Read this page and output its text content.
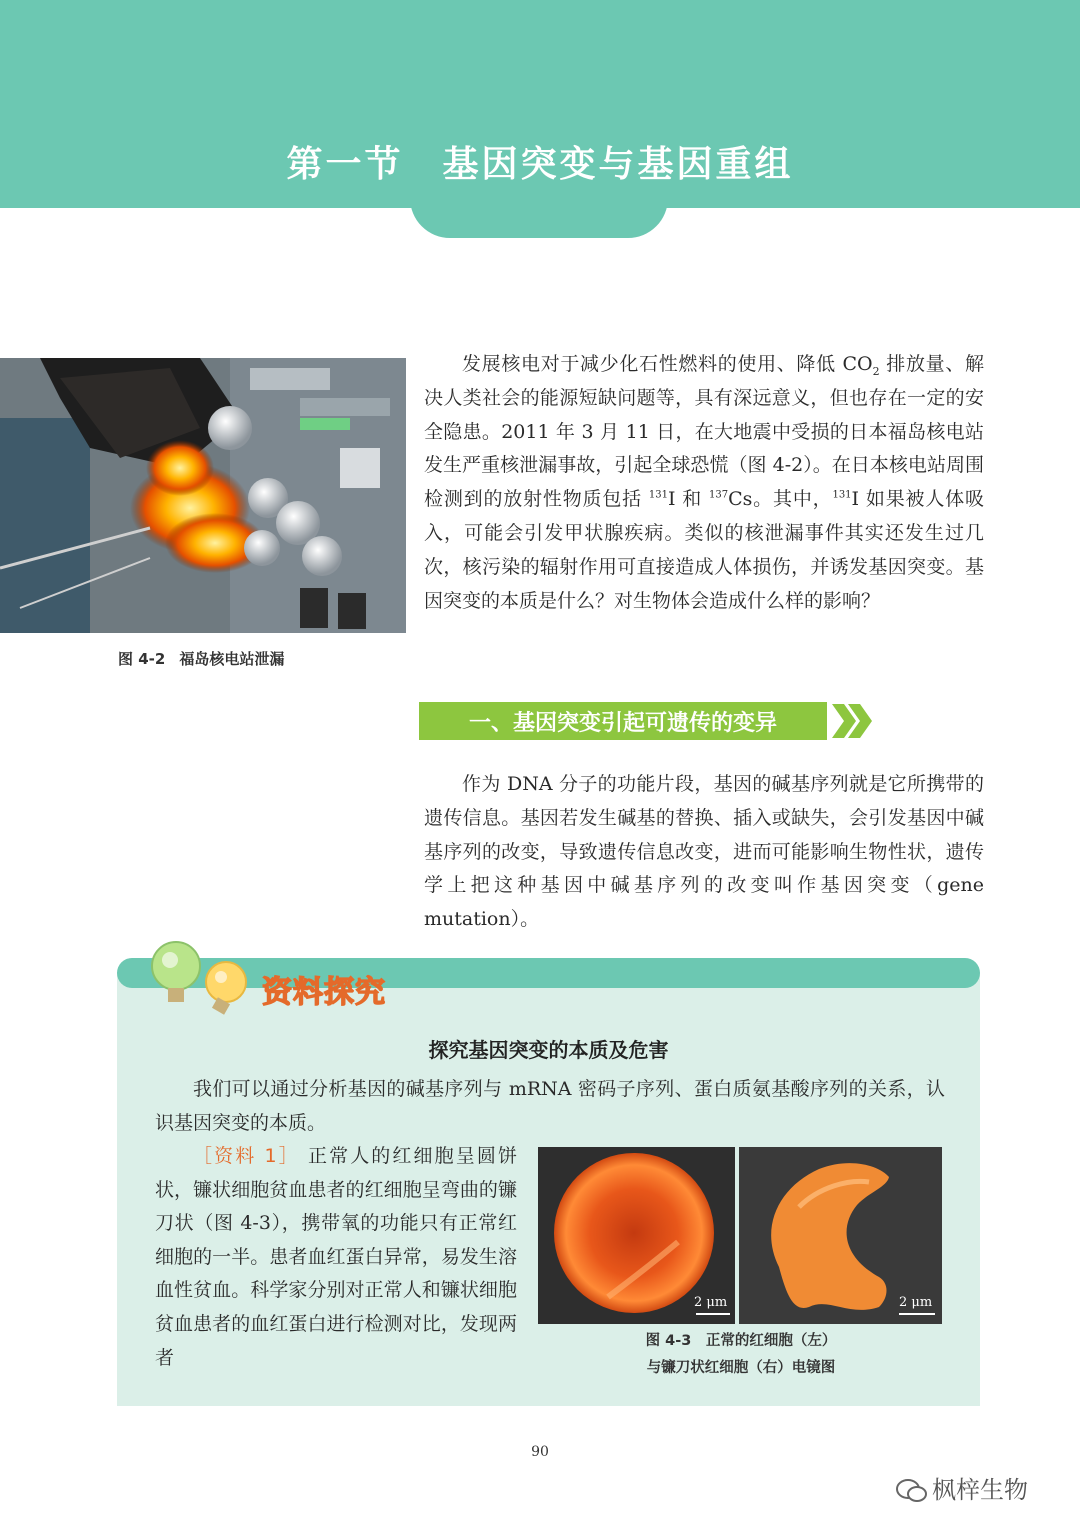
第一节　基因突变与基因重组
图 4-2 福岛核电站泄漏

发展核电对于减少化石性燃料的使用、降低 $CO_2$ 排放量、解决人类社会的能源短缺问题等，具有深远意义，但也存在一定的安全隐患。2011 年 3 月 11 日，在大地震中受损的日本福岛核电站发生严重核泄漏事故，引起全球恐慌（图 4-2）。在日本核电站周围检测到的放射性物质包括 $^{131}$I 和 $^{137}$Cs。其中，$^{131}$I 如果被人体吸入，可能会引发甲状腺疾病。类似的核泄漏事件其实还发生过几次，核污染的辐射作用可直接造成人体损伤，并诱发基因突变。基因突变的本质是什么？对生物体会造成什么样的影响？

一、基因突变引起可遗传的变异

作为 DNA 分子的功能片段，基因的碱基序列就是它所携带的遗传信息。基因若发生碱基的替换、插入或缺失，会引发基因中碱基序列的改变，导致遗传信息改变，进而可能影响生物性状，遗传学上把这种基因中碱基序列的改变叫作基因突变（gene mutation）。

资料探究
探究基因突变的本质及危害

我们可以通过分析基因的碱基序列与 mRNA 密码子序列、蛋白质氨基酸序列的关系，认识基因突变的本质。

［资料 1］ 正常人的红细胞呈圆饼状，镰状细胞贫血患者的红细胞呈弯曲的镰刀状（图 4-3），携带氧的功能只有正常红细胞的一半。患者血红蛋白异常，易发生溶血性贫血。科学家分别对正常人和镰状细胞贫血患者的血红蛋白进行检测对比，发现两者

2 μm	2 μm
图 4-3　正常的红细胞（左）
与镰刀状红细胞（右）电镜图
90
枫梓生物
